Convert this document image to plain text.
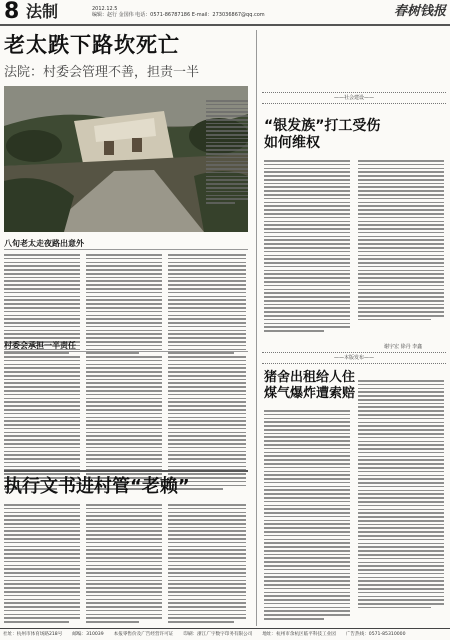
8 法制	2012.12.5
编辑：赵行 金国伟 电话：0571-86787186 E-mail：273036867@qq.com	春树钱报
老太跌下路坎死亡
法院：村委会管理不善，担责一半
八旬老太走夜路出意外
村委会承担一半责任
执行文书进村管“老赖”
——社会建设——
“银发族”打工受伤
如何维权
谢宇宏 徐丹 李鑫
——本版发布——
猪舍出租给人住
煤气爆炸遭索赔
社址：杭州市体育场路218号 邮编：310039 本报零售价及广告经营许可证 印刷：浙江广宇数字印务有限公司 地址：杭州市余杭区临平科技工业园 广告热线：0571-85310000
